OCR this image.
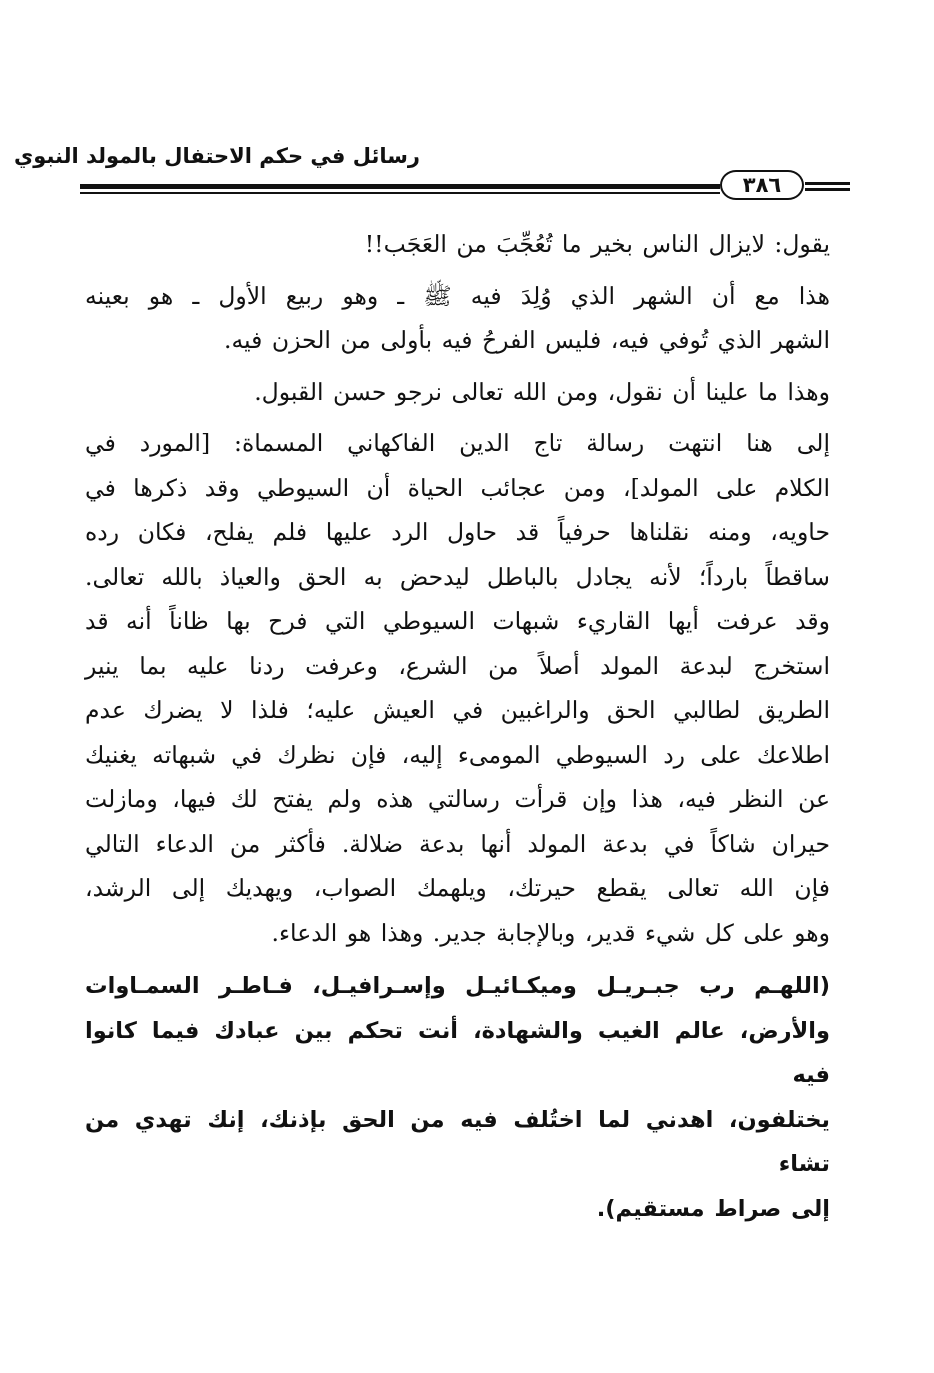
رسائل في حكم الاحتفال بالمولد النبوي
٣٨٦

يقول: لايزال الناس بخير ما تُعُجِّبَ من العَجَب!!

هذا مع أن الشهر الذي وُلِدَ فيه ﷺ ـ وهو ربيع الأول ـ هو بعينه
الشهر الذي تُوفي فيه، فليس الفرحُ فيه بأولى من الحزن فيه.

وهذا ما علينا أن نقول، ومن الله تعالى نرجو حسن القبول.

إلى هنا انتهت رسالة تاج الدين الفاكهاني المسماة: [المورد في
الكلام على المولد]، ومن عجائب الحياة أن السيوطي وقد ذكرها في
حاويه، ومنه نقلناها حرفياً قد حاول الرد عليها فلم يفلح، فكان رده
ساقطاً بارداً؛ لأنه يجادل بالباطل ليدحض به الحق والعياذ بالله تعالى.
وقد عرفت أيها القاريء شبهات السيوطي التي فرح بها ظاناً أنه قد
استخرج لبدعة المولد أصلاً من الشرع، وعرفت ردنا عليه بما ينير
الطريق لطالبي الحق والراغبين في العيش عليه؛ فلذا لا يضرك عدم
اطلاعك على رد السيوطي المومىء إليه، فإن نظرك في شبهاته يغنيك
عن النظر فيه، هذا وإن قرأت رسالتي هذه ولم يفتح لك فيها، ومازلت
حيران شاكاً في بدعة المولد أنها بدعة ضلالة. فأكثر من الدعاء التالي
فإن الله تعالى يقطع حيرتك، ويلهمك الصواب، ويهديك إلى الرشد،
وهو على كل شيء قدير، وبالإجابة جدير. وهذا هو الدعاء.

(اللهـم رب جبـريـل وميكـائيـل وإسـرافيـل، فـاطـر السمـاوات
والأرض، عالم الغيب والشهادة، أنت تحكم بين عبادك فيما كانوا فيه
يختلفون، اهدني لما اختُلف فيه من الحق بإذنك، إنك تهدي من تشاء
إلى صراط مستقيم).
